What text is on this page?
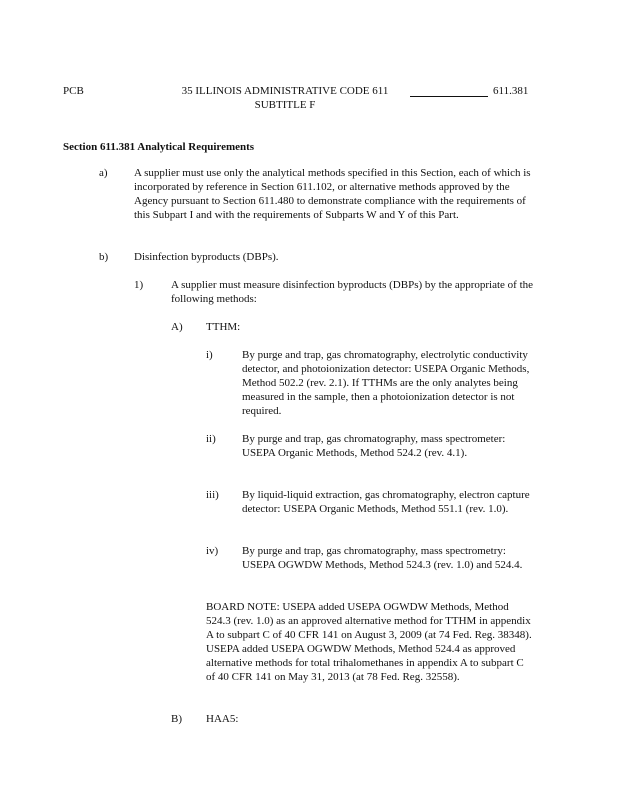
PCB	35 ILLINOIS ADMINISTRATIVE CODE 611
SUBTITLE F
611.381
Section 611.381 Analytical Requirements
a) A supplier must use only the analytical methods specified in this Section, each of which is incorporated by reference in Section 611.102, or alternative methods approved by the Agency pursuant to Section 611.480 to demonstrate compliance with the requirements of this Subpart I and with the requirements of Subparts W and Y of this Part.
b) Disinfection byproducts (DBPs).
1)	A supplier must measure disinfection byproducts (DBPs) by the appropriate of the following methods:
A) TTHM:
i)	By purge and trap, gas chromatography, electrolytic conductivity detector, and photoionization detector: USEPA Organic Methods, Method 502.2 (rev. 2.1). If TTHMs are the only analytes being measured in the sample, then a photoionization detector is not required.
ii) By purge and trap, gas chromatography, mass spectrometer: USEPA Organic Methods, Method 524.2 (rev. 4.1).
iii) By liquid-liquid extraction, gas chromatography, electron capture detector: USEPA Organic Methods, Method 551.1 (rev. 1.0).
iv) By purge and trap, gas chromatography, mass spectrometry: USEPA OGWDW Methods, Method 524.3 (rev. 1.0) and 524.4.
BOARD NOTE: USEPA added USEPA OGWDW Methods, Method 524.3 (rev. 1.0) as an approved alternative method for TTHM in appendix A to subpart C of 40 CFR 141 on August 3, 2009 (at 74 Fed. Reg. 38348). USEPA added USEPA OGWDW Methods, Method 524.4 as approved alternative methods for total trihalomethanes in appendix A to subpart C of 40 CFR 141 on May 31, 2013 (at 78 Fed. Reg. 32558).
B) HAA5:
